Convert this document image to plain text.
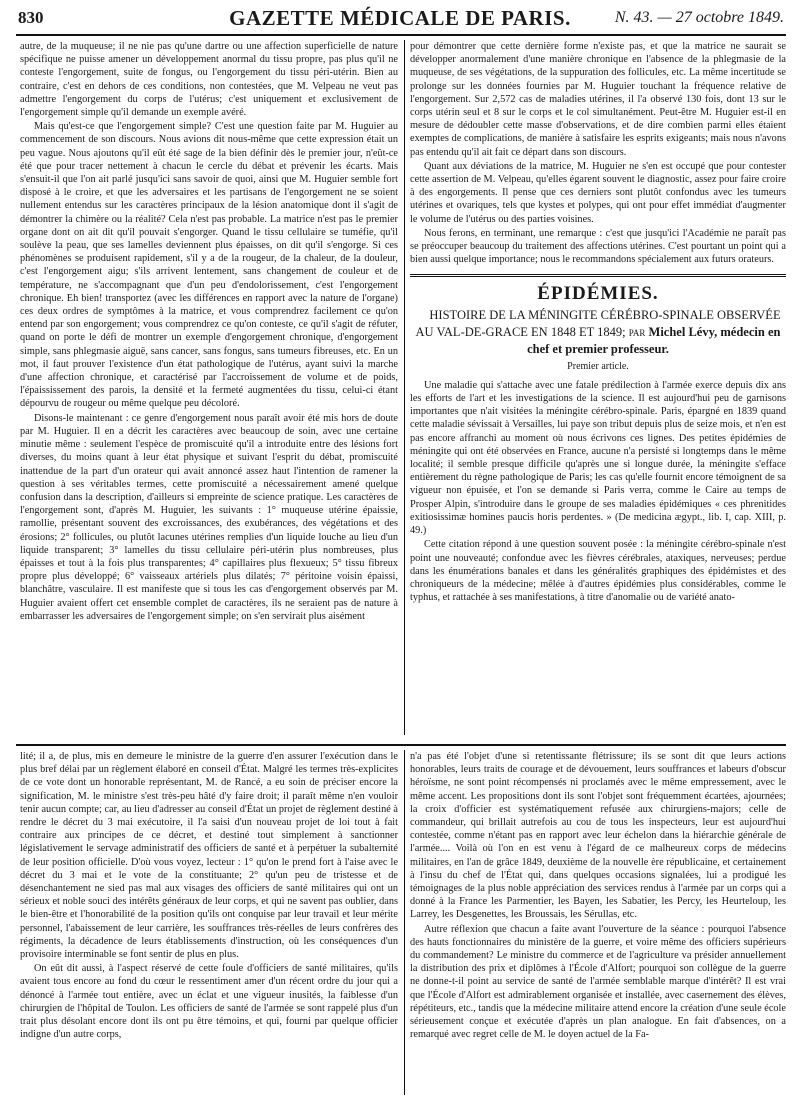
830	GAZETTE MÉDICALE DE PARIS.	N. 43. — 27 octobre 1849.

autre, de la muqueuse; il ne nie pas qu'une dartre ou une affection superficielle de nature spécifique ne puisse amener un développement anormal du tissu propre, pas plus qu'il ne conteste l'engorgement, suite de fongus, ou l'engorgement du tissu péri-utérin. Bien au contraire, c'est en dehors de ces conditions, non contestées, que M. Velpeau ne veut pas admettre l'engorgement du corps de l'utérus; c'est uniquement et exclusivement de l'engorgement simple qu'il demande un exemple avéré.

Mais qu'est-ce que l'engorgement simple? C'est une question faite par M. Huguier au commencement de son discours. Nous avions dit nous-même que cette expression était un peu vague. Nous ajoutons qu'il eût été sage de la bien définir dès le premier jour, n'eût-ce été que pour tracer nettement à chacun le cercle du débat et prévenir les écarts. Mais s'ensuit-il que l'on ait parlé jusqu'ici sans savoir de quoi, ainsi que M. Huguier semble fort disposé à le croire, et que les adversaires et les partisans de l'engorgement ne se soient nullement entendus sur les caractères principaux de la lésion anatomique dont il s'agit de démontrer la chimère ou la réalité? Cela n'est pas probable. La matrice n'est pas le premier organe dont on ait dit qu'il pouvait s'engorger. Quand le tissu cellulaire se tuméfie, qu'il soulève la peau, que ses lamelles deviennent plus épaisses, on dit qu'il s'engorge. Si ces phénomènes se produisent rapidement, s'il y a de la rougeur, de la chaleur, de la douleur, c'est l'engorgement aigu; s'ils arrivent lentement, sans changement de couleur et de température, ne s'accompagnant que d'un peu d'endolorissement, c'est l'engorgement chronique. Eh bien! transportez (avec les différences en rapport avec la nature de l'organe) ces deux ordres de symptômes à la matrice, et vous comprendrez facilement ce qu'on entend par son engorgement; vous comprendrez ce qu'on conteste, ce qu'il s'agit de réfuter, quand on porte le défi de montrer un exemple d'engorgement chronique, d'engorgement simple, sans phlegmasie aiguë, sans cancer, sans fongus, sans tumeurs fibreuses, etc. En un mot, il faut prouver l'existence d'un état pathologique de l'utérus, ayant suivi la marche d'une affection chronique, et caractérisé par l'accroissement de volume et de poids, l'épaississement des parois, la densité et la fermeté augmentées du tissu, celui-ci étant dépourvu de rougeur ou même quelque peu décoloré.

Disons-le maintenant : ce genre d'engorgement nous paraît avoir été mis hors de doute par M. Huguier. Il en a décrit les caractères avec beaucoup de soin, avec une certaine minutie même : seulement l'espèce de promiscuité qu'il a introduite entre des lésions fort diverses, du moins quant à leur état physique et suivant l'esprit du débat, promiscuité inattendue de la part d'un orateur qui avait annoncé assez haut l'intention de ramener la question à ses véritables termes, cette promiscuité a nécessairement amené quelque confusion dans la description, d'ailleurs si empreinte de science pratique. Les caractères de l'engorgement sont, d'après M. Huguier, les suivants : 1° muqueuse utérine épaissie, ramollie, présentant souvent des excroissances, des exubérances, des végétations et des érosions; 2° follicules, ou plutôt lacunes utérines remplies d'un liquide louche au lieu d'un liquide transparent; 3° lamelles du tissu cellulaire péri-utérin plus nombreuses, plus épaisses et tout à la fois plus transparentes; 4° capillaires plus flexueux; 5° tissu fibreux propre plus développé; 6° vaisseaux artériels plus dilatés; 7° péritoine voisin épaissi, blanchâtre, vasculaire. Il est manifeste que si tous les cas d'engorgement observés par M. Huguier avaient offert cet ensemble complet de caractères, ils ne seraient pas de nature à embarrasser les adversaires de l'engorgement simple; on s'en servirait plus aisément

pour démontrer que cette dernière forme n'existe pas, et que la matrice ne saurait se développer anormalement d'une manière chronique en l'absence de la phlegmasie de la muqueuse, de ses végétations, de la suppuration des follicules, etc. La même incertitude se prolonge sur les données fournies par M. Huguier touchant la fréquence relative de l'engorgement. Sur 2,572 cas de maladies utérines, il l'a observé 130 fois, dont 13 sur le corps utérin seul et 8 sur le corps et le col simultanément. Peut-être M. Huguier est-il en mesure de dédoubler cette masse d'observations, et de dire combien parmi elles étaient exemptes de complications, de manière à satisfaire les esprits exigeants; mais nous n'avons pas entendu qu'il ait fait ce départ dans son discours.

Quant aux déviations de la matrice, M. Huguier ne s'en est occupé que pour contester cette assertion de M. Velpeau, qu'elles égarent souvent le diagnostic, assez pour faire croire à des engorgements. Il pense que ces derniers sont plutôt confondus avec les tumeurs utérines et ovariques, tels que kystes et polypes, qui ont pour effet immédiat d'augmenter le volume de l'utérus ou des parties voisines.

Nous ferons, en terminant, une remarque : c'est que jusqu'ici l'Académie ne paraît pas se préoccuper beaucoup du traitement des affections utérines. C'est pourtant un point qui a bien aussi quelque importance; nous le recommandons spécialement aux futurs orateurs.

ÉPIDÉMIES.

HISTOIRE DE LA MÉNINGITE CÉRÉBRO-SPINALE OBSERVÉE AU VAL-DE-GRACE EN 1848 ET 1849; par Michel Lévy, médecin en chef et premier professeur.

Premier article.

Une maladie qui s'attache avec une fatale prédilection à l'armée exerce depuis dix ans les efforts de l'art et les investigations de la science. Il est aujourd'hui peu de garnisons importantes que n'ait visitées la méningite cérébro-spinale. Paris, épargné en 1839 quand cette maladie sévissait à Versailles, lui paye son tribut depuis plus de seize mois, et n'en est pas encore affranchi au moment où nous écrivons ces lignes. Des petites épidémies de méningite qui ont été observées en France, aucune n'a persisté si longtemps dans le même localité; il semble presque difficile qu'après une si longue durée, la méningite s'efface entièrement du règne pathologique de Paris; les cas qu'elle fournit encore témoignent de sa vigueur non épuisée, et l'on se demande si Paris verra, comme le Caire au temps de Prosper Alpin, s'introduire dans le groupe de ses maladies épidémiques « ces phrenitides exitiosissimæ homines paucis horis perdentes. » (De medicina ægypt., lib. I, cap. XIII, p. 49.)

Cette citation répond à une question souvent posée : la méningite cérébro-spinale n'est point une nouveauté; confondue avec les fièvres cérébrales, ataxiques, nerveuses; perdue dans les énumérations banales et dans les généralités graphiques des épidémistes et des chroniqueurs de la médecine; mêlée à d'autres épidémies plus considérables, comme le typhus, et rattachée à ses manifestations, à titre d'anomalie ou de variété anato-

lité; il a, de plus, mis en demeure le ministre de la guerre d'en assurer l'exécution dans le plus bref délai par un règlement élaboré en conseil d'État. Malgré les termes très-explicites de ce vote dont un honorable représentant, M. de Rancé, a eu soin de préciser encore la signification, M. le ministre s'est très-peu hâté d'y faire droit; il paraît même n'en vouloir tenir aucun compte; car, au lieu d'adresser au conseil d'État un projet de règlement destiné à rendre le décret du 3 mai exécutoire, il l'a saisi d'un nouveau projet de loi tout à fait contraire aux principes de ce décret, et destiné tout simplement à sanctionner législativement le servage administratif des officiers de santé et à perpétuer la subalternité de leur position officielle. D'où vous voyez, lecteur : 1° qu'on le prend fort à l'aise avec le décret du 3 mai et le vote de la constituante; 2° qu'un peu de tristesse et de désenchantement ne sied pas mal aux visages des officiers de santé militaires qui ont un sérieux et noble souci des intérêts généraux de leur corps, et qui ne savent pas oublier, dans le bien-être et l'honorabilité de la position qu'ils ont conquise par leur travail et leur mérite personnel, l'abaissement de leur carrière, les souffrances très-réelles de leurs confrères des régiments, la décadence de leurs établissements d'instruction, où les conséquences d'un provisoire interminable se font sentir de plus en plus.

On eût dit aussi, à l'aspect réservé de cette foule d'officiers de santé militaires, qu'ils avaient tous encore au fond du cœur le ressentiment amer d'un récent ordre du jour qui a dénoncé à l'armée tout entière, avec un éclat et une vigueur inusités, la faiblesse d'un chirurgien de l'hôpital de Toulon. Les officiers de santé de l'armée se sont rappelé plus d'un trait plus désolant encore dont ils ont pu être témoins, et qui, fourni par quelque officier indigne d'un autre corps,

n'a pas été l'objet d'une si retentissante flétrissure; ils se sont dit que leurs actions honorables, leurs traits de courage et de dévouement, leurs souffrances et labeurs d'obscur héroïsme, ne sont point récompensés ni proclamés avec le même empressement, avec le même accent. Les propositions dont ils sont l'objet sont fréquemment écartées, ajournées; la croix d'officier est systématiquement refusée aux chirurgiens-majors; celle de commandeur, qui brillait autrefois au cou de tous les inspecteurs, leur est aujourd'hui contestée, comme n'étant pas en rapport avec leur échelon dans la hiérarchie générale de l'armée.... Voilà où l'on en est venu à l'égard de ce malheureux corps de médecins militaires, en l'an de grâce 1849, deuxième de la nouvelle ère républicaine, et certainement à l'insu du chef de l'État qui, dans quelques occasions signalées, lui a prodigué les témoignages de la plus noble appréciation des services rendus à l'armée par un corps qui a donné à la France les Parmentier, les Bayen, les Sabatier, les Percy, les Heurteloup, les Larrey, les Desgenettes, les Broussais, les Sérullas, etc.

Autre réflexion que chacun a faite avant l'ouverture de la séance : pourquoi l'absence des hauts fonctionnaires du ministère de la guerre, et voire même des officiers supérieurs du commandement? Le ministre du commerce et de l'agriculture va présider annuellement la distribution des prix et diplômes à l'École d'Alfort; pourquoi son collègue de la guerre ne donne-t-il point au service de santé de l'armée semblable marque d'intérêt? Il est vrai que l'École d'Alfort est admirablement organisée et installée, avec casernement des élèves, répétiteurs, etc., tandis que la médecine militaire attend encore la création d'une seule école sérieusement conçue et exécutée d'après un plan analogue. En fait d'absences, on a remarqué avec regret celle de M. le doyen actuel de la Fa-
